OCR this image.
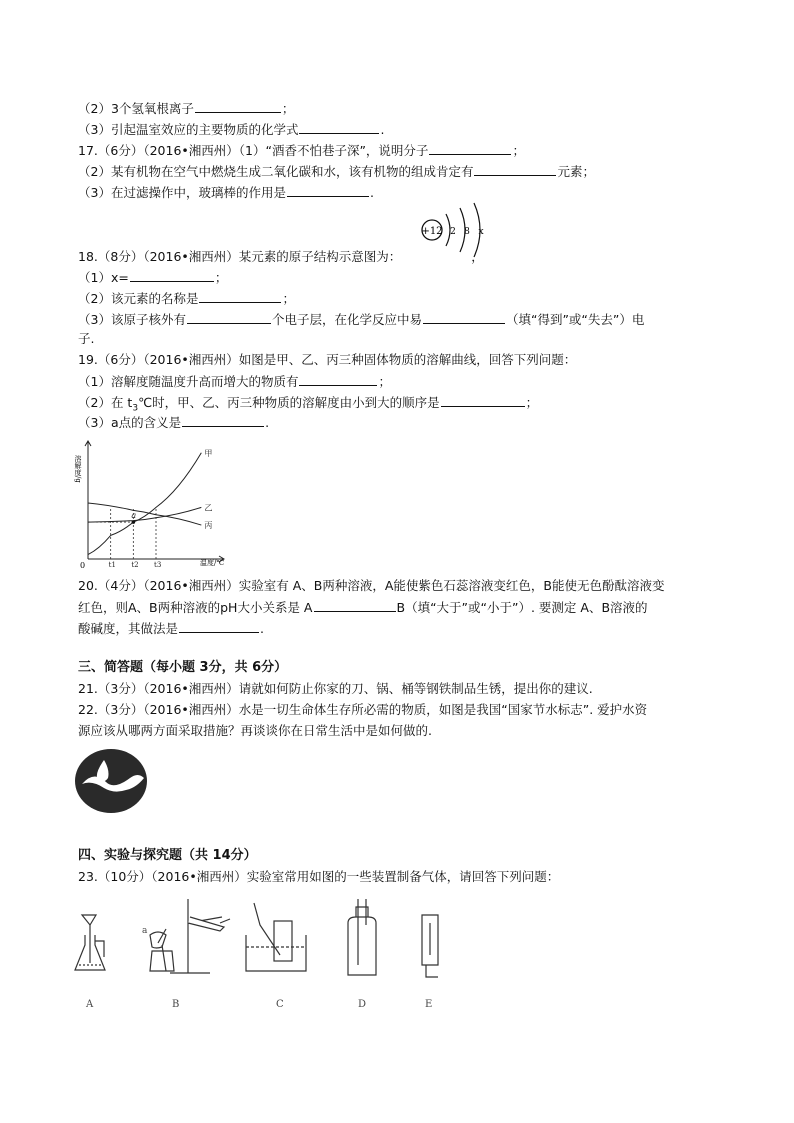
（2）3个氢氧根离子	；
（3）引起温室效应的主要物质的化学式	.
17.（6分）（2016•湘西州）（1）“酒香不怕巷子深”，说明分子	；
（2）某有机物在空气中燃烧生成二氧化碳和水，该有机物的组成肯定有	元素；
（3）在过滤操作中，玻璃棒的作用是	.
+12 2 8 x
18.（8分）（2016•湘西州）某元素的原子结构示意图为：	，
（1）x=	；
（2）该元素的名称是	；
（3）该原子核外有	个电子层，在化学反应中易	（填“得到”或“失去”）电
子.
19.（6分）（2016•湘西州）如图是甲、乙、丙三种固体物质的溶解曲线，回答下列问题：
（1）溶解度随温度升高而增大的物质有	；
（2）在 $t_3℃$时，甲、乙、丙三种物质的溶解度由小到大的顺序是	；
（3）a点的含义是	.
溶解度/g
温度/℃
0	t1 t2 t3
甲
乙
丙
a
20.（4分）（2016•湘西州）实验室有 A、B两种溶液，A能使紫色石蕊溶液变红色，B能使无色酚酞溶液变
红色，则A、B两种溶液的pH大小关系是 A	B（填“大于”或“小于”）. 要测定 A、B溶液的
酸碱度，其做法是	.
三、简答题（每小题 3分，共 6分）
21.（3分）（2016•湘西州）请就如何防止你家的刀、锅、桶等钢铁制品生锈，提出你的建议.
22.（3分）（2016•湘西州）水是一切生命体生存所必需的物质，如图是我国“国家节水标志”. 爱护水资
源应该从哪两方面采取措施？再谈谈你在日常生活中是如何做的.
四、实验与探究题（共 14分）
23.（10分）（2016•湘西州）实验室常用如图的一些装置制备气体，请回答下列问题：
A	B	C	D	E
a
